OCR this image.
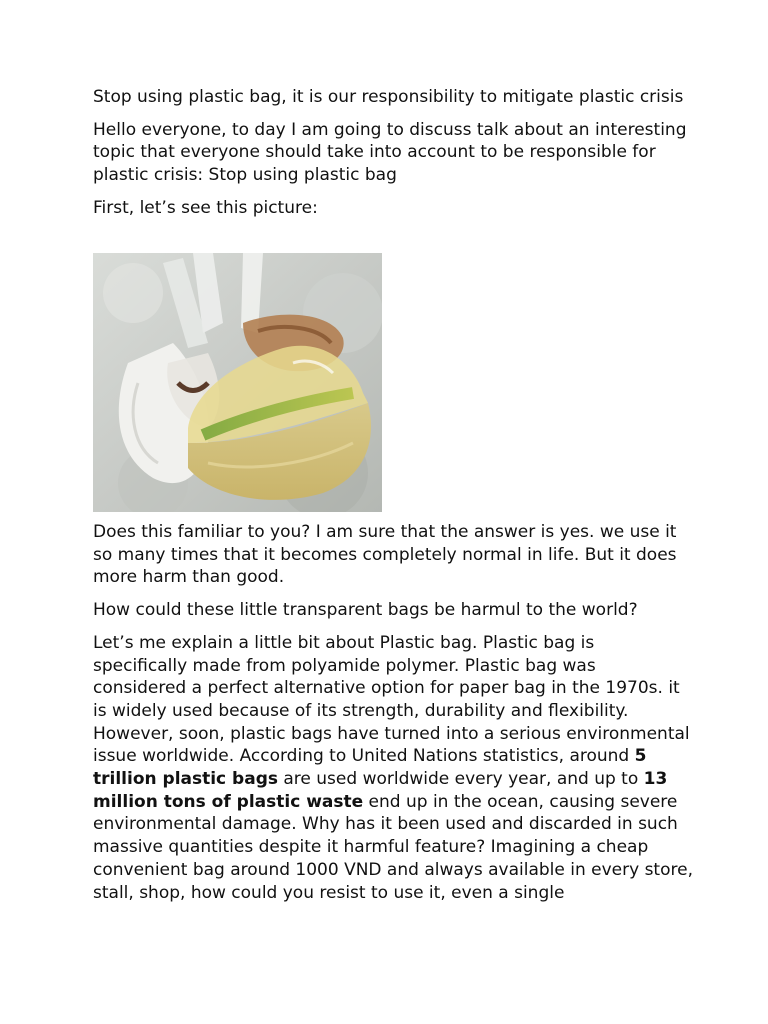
Stop using plastic bag, it is our responsibility to mitigate plastic crisis

Hello everyone, to day I am going to discuss talk about an interesting topic that everyone should take into account to be responsible for plastic crisis: Stop using plastic bag

First, let’s see this picture:

Does this familiar to you? I am sure that the answer is yes. we use it so many times that it becomes completely normal in life. But it does more harm than good.

How could these little transparent bags be harmul to the world?

Let’s me explain a little bit about Plastic bag. Plastic bag is specifically made from polyamide polymer. Plastic bag was considered a perfect alternative option for paper bag in the 1970s. it is widely used because of its strength, durability and flexibility. However, soon, plastic bags have turned into a serious environmental issue worldwide. According to United Nations statistics, around 5 trillion plastic bags are used worldwide every year, and up to 13 million tons of plastic waste end up in the ocean, causing severe environmental damage. Why has it been used and discarded in such massive quantities despite it harmful feature? Imagining a cheap convenient bag around 1000 VND and always available in every store, stall, shop, how could you resist to use it, even a single
